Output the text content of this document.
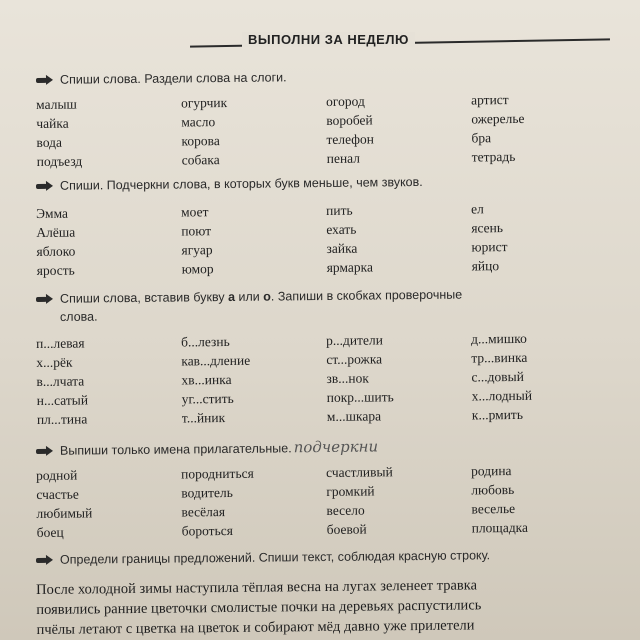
ВЫПОЛНИ ЗА НЕДЕЛЮ
Спиши слова. Раздели слова на слоги.
малыш	огурчик	огород	артист
чайка	масло	воробей	ожерелье
вода	корова	телефон	бра
подъезд	собака	пенал	тетрадь
Спиши. Подчеркни слова, в которых букв меньше, чем звуков.
Эмма	моет	пить	ел
Алёша	поют	ехать	ясень
яблоко	ягуар	зайка	юрист
ярость	юмор	ярмарка	яйцо
Спиши слова, вставив букву а или о. Запиши в скобках проверочные
слова.
п...левая	б...лезнь	р...дители	д...мишко
х...рёк	кав...дление	ст...рожка	тр...винка
в...лчата	хв...инка	зв...нок	с...довый
н...сатый	уг...стить	покр...шить	х...лодный
пл...тина	т...йник	м...шкара	к...рмить
Выпиши только имена прилагательные. подчеркни
родной	породниться	счастливый	родина
счастье	водитель	громкий	любовь
любимый	весёлая	весело	веселье
боец	бороться	боевой	площадка
Определи границы предложений. Спиши текст, соблюдая красную строку.
После холодной зимы наступила тёплая весна на лугах зеленеет травка
появились ранние цветочки смолистые почки на деревьях распустились
пчёлы летают с цветка на цветок и собирают мёд давно уже прилетели
